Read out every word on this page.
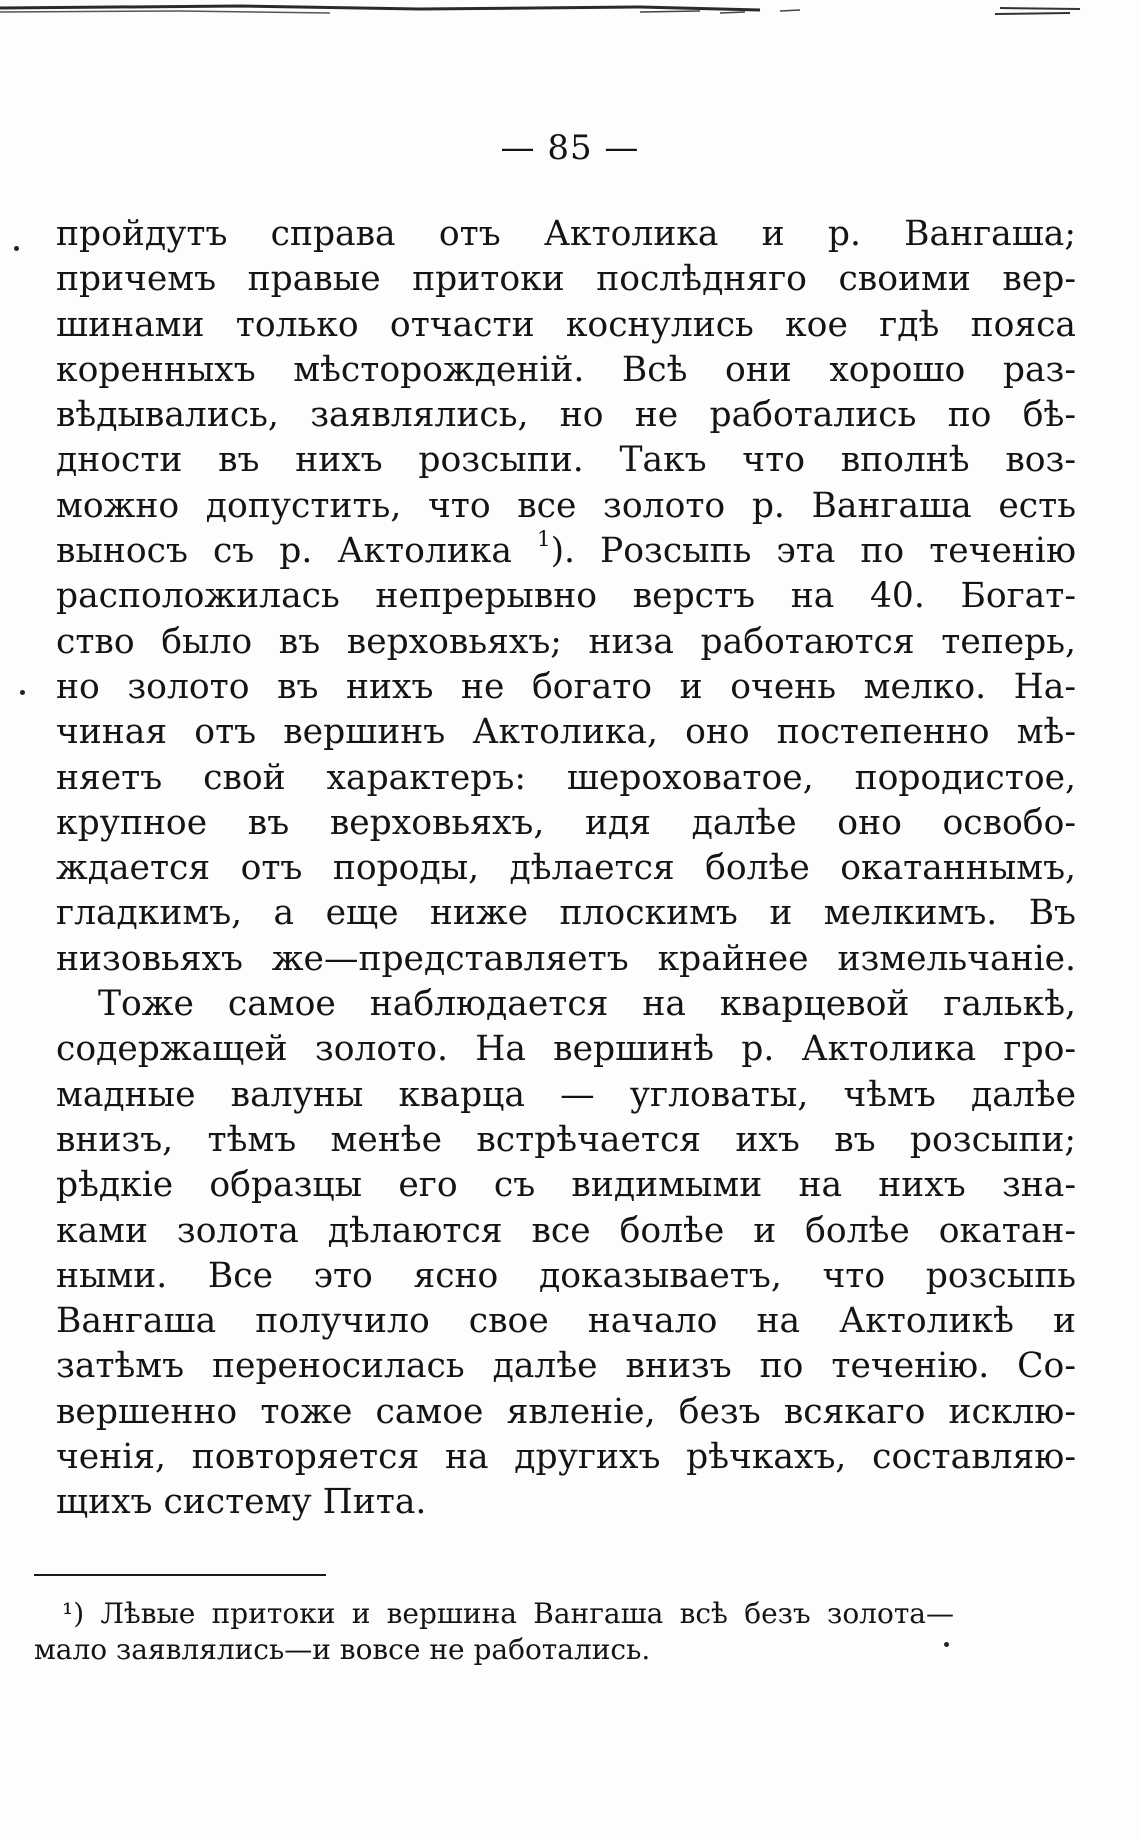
— 85 —
пройдутъ справа отъ Актолика и р. Вангаша;
причемъ правые притоки послѣдняго своими вер-
шинами только отчасти коснулись кое гдѣ пояса
коренныхъ мѣсторожденій. Всѣ они хорошо раз-
вѣдывались, заявлялись, но не работались по бѣ-
дности въ нихъ розсыпи. Такъ что вполнѣ воз-
можно допустить, что все золото р. Вангаша есть
выносъ съ р. Актолика $^1$). Розсыпь эта по теченію
расположилась непрерывно верстъ на 40. Богат-
ство было въ верховьяхъ; низа работаются теперь,
но золото въ нихъ не богато и очень мелко. На-
чиная отъ вершинъ Актолика, оно постепенно мѣ-
няетъ свой характеръ: шероховатое, породистое,
крупное въ верховьяхъ, идя далѣе оно освобо-
ждается отъ породы, дѣлается болѣе окатаннымъ,
гладкимъ, а еще ниже плоскимъ и мелкимъ. Въ
низовьяхъ же—представляетъ крайнее измельчаніе.
Тоже самое наблюдается на кварцевой галькѣ,
содержащей золото. На вершинѣ р. Актолика гро-
мадные валуны кварца — угловаты, чѣмъ далѣе
внизъ, тѣмъ менѣе встрѣчается ихъ въ розсыпи;
рѣдкіе образцы его съ видимыми на нихъ зна-
ками золота дѣлаются все болѣе и болѣе окатан-
ными. Все это ясно доказываетъ, что розсыпь
Вангаша получило свое начало на Актоликѣ и
затѣмъ переносилась далѣе внизъ по теченію. Со-
вершенно тоже самое явленіе, безъ всякаго исклю-
ченія, повторяется на другихъ рѣчкахъ, составляю-
щихъ систему Пита.
¹) Лѣвые притоки и вершина Вангаша всѣ безъ золота—
мало заявлялись—и вовсе не работались.
